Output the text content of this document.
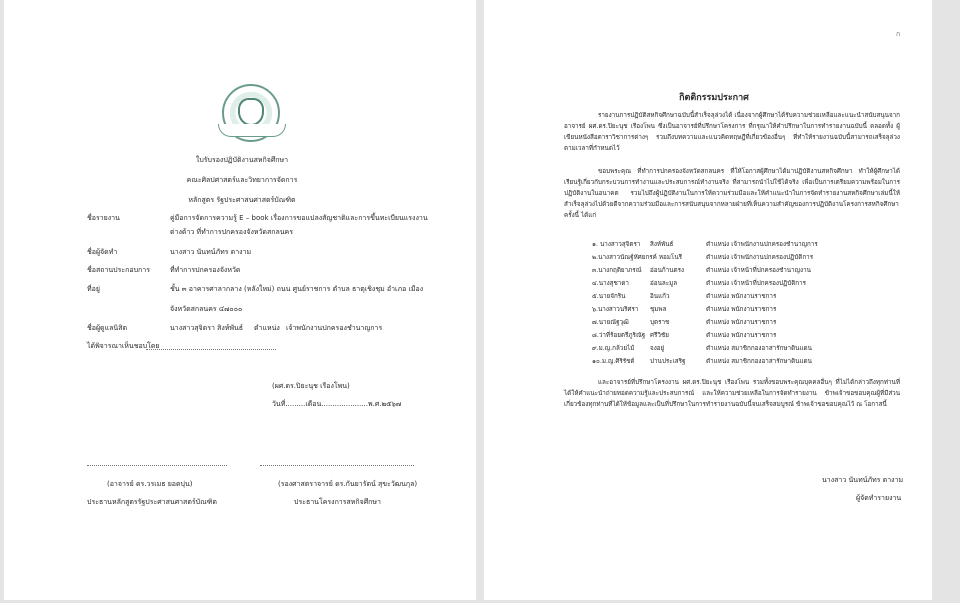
ใบรับรองปฏิบัติงานสหกิจศึกษา
คณะศิลปศาสตร์และวิทยาการจัดการ
หลักสูตร รัฐประศาสนศาสตร์บัณฑิต
ชื่อรายงาน	คู่มือการจัดการความรู้ E – book เรื่องการขอแปลงสัญชาติและการขึ้นทะเบียนแรงงาน
ต่างด้าว ที่ทำการปกครองจังหวัดสกลนคร
ชื่อผู้จัดทำ	นางสาว นันทน์ภัทร ตางาม
ชื่อสถานประกอบการ	ที่ทำการปกครองจังหวัด
ที่อยู่	ชั้น ๓ อาคารศาลากลาง (หลังใหม่) ถนน ศูนย์ราชการ ตำบล ธาตุเชิงชุม อำเภอ เมือง
จังหวัดสกลนคร ๔๗๐๐๐
ชื่อผู้ดูแลนิสิต	นางสาวสุจิตรา สิงห์พันธ์ ตำแหน่ง เจ้าพนักงานปกครองชำนาญการ
ได้พิจารณาเห็นชอบโดย
(ผศ.ดร.ปิยะนุช เรืองโพน)
วันที่.........เดือน.....................พ.ศ.๒๕๖๗
(อาจารย์ ดร.วรเมธ ยอดบุ่น)
ประธานหลักสูตรรัฐประศาสนศาสตร์บัณฑิต
(รองศาสตราจารย์ ดร.กันยารัตน์ สุขะวัฒนกุล)
ประธานโครงการสหกิจศึกษา
ก
กิตติกรรมประกาศ
รายงานการปฏิบัติสหกิจศึกษาฉบับนี้สำเร็จลุล่วงได้ เนื่องจากผู้ศึกษาได้รับความช่วยเหลือและแนะนำสนับสนุนจากอาจารย์ ผศ.ดร.ปิยะนุช เรืองโพน ซึ่งเป็นอาจารย์ที่ปรึกษาโครงการ ที่กรุณาให้คำปรึกษาในการทำรายงานฉบับนี้ ตลอดทั้ง ผู้เขียนหนังสือตาราวิชาการต่างๆ รวมถึงบทความและแนวคิดทฤษฎีที่เกี่ยวข้องอื่นๆ ที่ทำให้รายงานฉบับนี้สามารถเสร็จลุล่วงตามเวลาที่กำหนดไว้
ขอบพระคุณ ที่ทำการปกครองจังหวัดสกลนคร ที่ให้โอกาสผู้ศึกษาได้มาปฏิบัติงานสหกิจศึกษา ทำให้ผู้ศึกษาได้เรียนรู้เกี่ยวกับกระบวนการทำงานและประสบการณ์ทำงานจริง ที่สามารถนำไปใช้ได้จริง เพื่อเป็นการเตรียมความพร้อมในการปฏิบัติงานในอนาคต รวมไปถึงผู้ปฏิบัติงานในการให้ความร่วมมือและให้คำแนะนำในการจัดทำรายงานสหกิจศึกษาเล่มนี้ให้สำเร็จลุล่วงไปด้วยดีจากความร่วมมือและการสนับสนุนจากหลายฝ่ายที่เห็นความสำคัญของการปฏิบัติงานโครงการสหกิจศึกษาครั้งนี้ ได้แก่
๑. นางสาวสุจิตรา สิงห์พันธ์	ตำแหน่ง เจ้าพนักงานปกครองชำนาญการ
๒.นางสาวนัณฐ์หัศยกรค์ หอมโนรี	ตำแหน่ง เจ้าพนักงานปกครองปฏิบัติการ
๓.นางกฤติยาภรณ์ อ่อนก้านตรง	ตำแหน่ง เจ้าหน้าที่ปกครองชำนาญงาน
๔.นางสุชาดา	อ่อนละมูล	ตำแหน่ง เจ้าหน้าที่ปกครองปฏิบัติการ
๕.นายจักริน	อินแก้ว	ตำแหน่ง พนักงานราชการ
๖.นางสาวนริศรา ชุมพล	ตำแหน่ง พนักงานราชการ
๗.นายณัฐวุฒิ	บุตราช	ตำแหน่ง พนักงานราชการ
๘.ว่าที่ร้อยตรีภูริณัฐ ศรีวิชัย	ตำแหน่ง พนักงานราชการ
๙.ม.ญ.กล้วยไม้ จงอยู่	ตำแหน่ง สมาชิกกองอาสารักษาดินแดน
๑๐.ม.ญ.ศิริรัชต์ ปานประเสริฐ	ตำแหน่ง สมาชิกกองอาสารักษาดินแดน
และอาจารย์ที่ปรึกษาโครงงาน ผศ.ดร.ปิยะนุช เรืองโพน รวมทั้งขอบพระคุณบุคคลอื่นๆ ที่ไม่ได้กล่าวถึงทุกท่านที่ได้ให้คำแนะนำถ่ายทอดความรู้และประสบการณ์ และให้ความช่วยเหลือในการจัดทำรายงาน ข้าพเจ้าขอขอบคุณผู้ที่มีส่วนเกี่ยวข้องทุกท่านที่ได้ให้ข้อมูลและเป็นที่ปรึกษาในการทำรายงานฉบับนี้จนเสร็จสมบูรณ์ ข้าพเจ้าขอขอบคุณไว้ ณ โอกาสนี้
นางสาว นันทน์ภัทร ตางาม
ผู้จัดทำรายงาน
